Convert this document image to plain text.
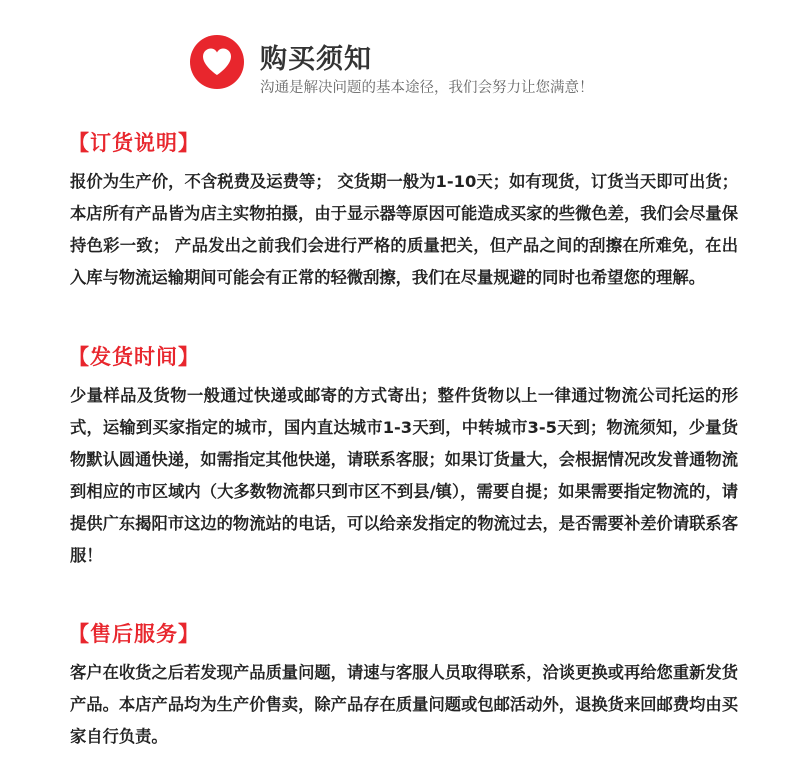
购买须知
沟通是解决问题的基本途径，我们会努力让您满意！
【订货说明】
报价为生产价，不含税费及运费等； 交货期一般为1-10天；如有现货，订货当天即可出货； 本店所有产品皆为店主实物拍摄，由于显示器等原因可能造成买家的些微色差，我们会尽量保持色彩一致； 产品发出之前我们会进行严格的质量把关，但产品之间的刮擦在所难免，在出入库与物流运输期间可能会有正常的轻微刮擦，我们在尽量规避的同时也希望您的理解。
【发货时间】
少量样品及货物一般通过快递或邮寄的方式寄出；整件货物以上一律通过物流公司托运的形式，运输到买家指定的城市，国内直达城市1-3天到，中转城市3-5天到；物流须知，少量货物默认圆通快递，如需指定其他快递，请联系客服；如果订货量大，会根据情况改发普通物流到相应的市区域内（大多数物流都只到市区不到县/镇），需要自提；如果需要指定物流的，请提供广东揭阳市这边的物流站的电话，可以给亲发指定的物流过去，是否需要补差价请联系客服！
【售后服务】
客户在收货之后若发现产品质量问题，请速与客服人员取得联系，洽谈更换或再给您重新发货产品。本店产品均为生产价售卖，除产品存在质量问题或包邮活动外，退换货来回邮费均由买家自行负责。
